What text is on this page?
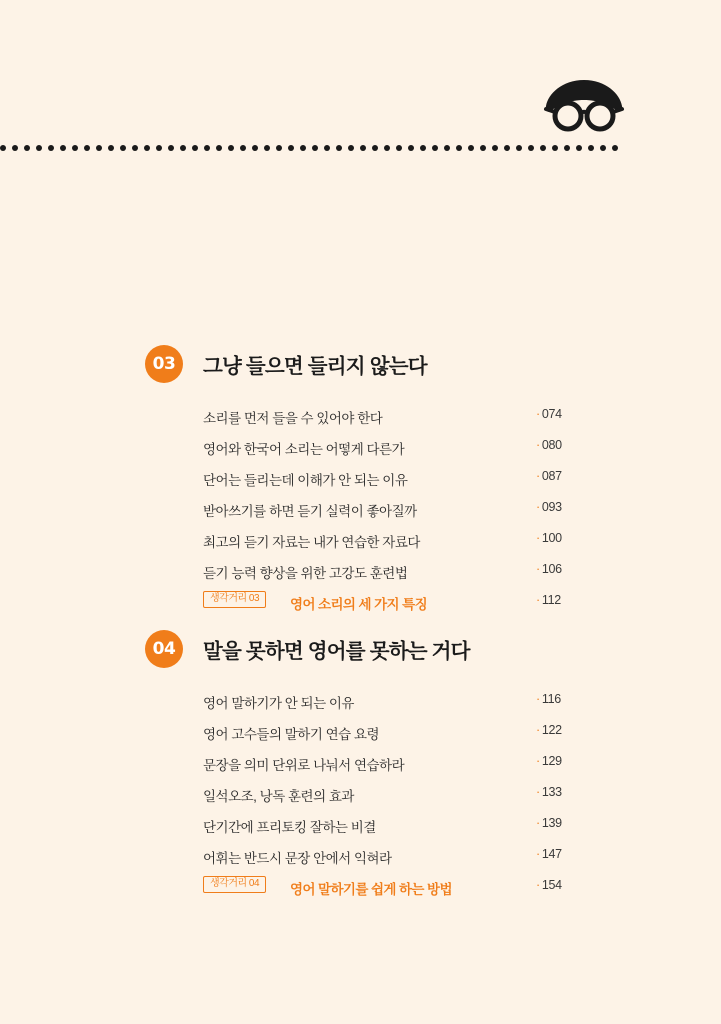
03	그냥 들으면 들리지 않는다
소리를 먼저 들을 수 있어야 한다	· 074
영어와 한국어 소리는 어떻게 다른가	· 080
단어는 들리는데 이해가 안 되는 이유	· 087
받아쓰기를 하면 듣기 실력이 좋아질까	· 093
최고의 듣기 자료는 내가 연습한 자료다	· 100
듣기 능력 향상을 위한 고강도 훈련법	· 106
생각거리 03	영어 소리의 세 가지 특징	· 112
04	말을 못하면 영어를 못하는 거다
영어 말하기가 안 되는 이유	· 116
영어 고수들의 말하기 연습 요령	· 122
문장을 의미 단위로 나눠서 연습하라	· 129
일석오조, 낭독 훈련의 효과	· 133
단기간에 프리토킹 잘하는 비결	· 139
어휘는 반드시 문장 안에서 익혀라	· 147
생각거리 04	영어 말하기를 쉽게 하는 방법	· 154
